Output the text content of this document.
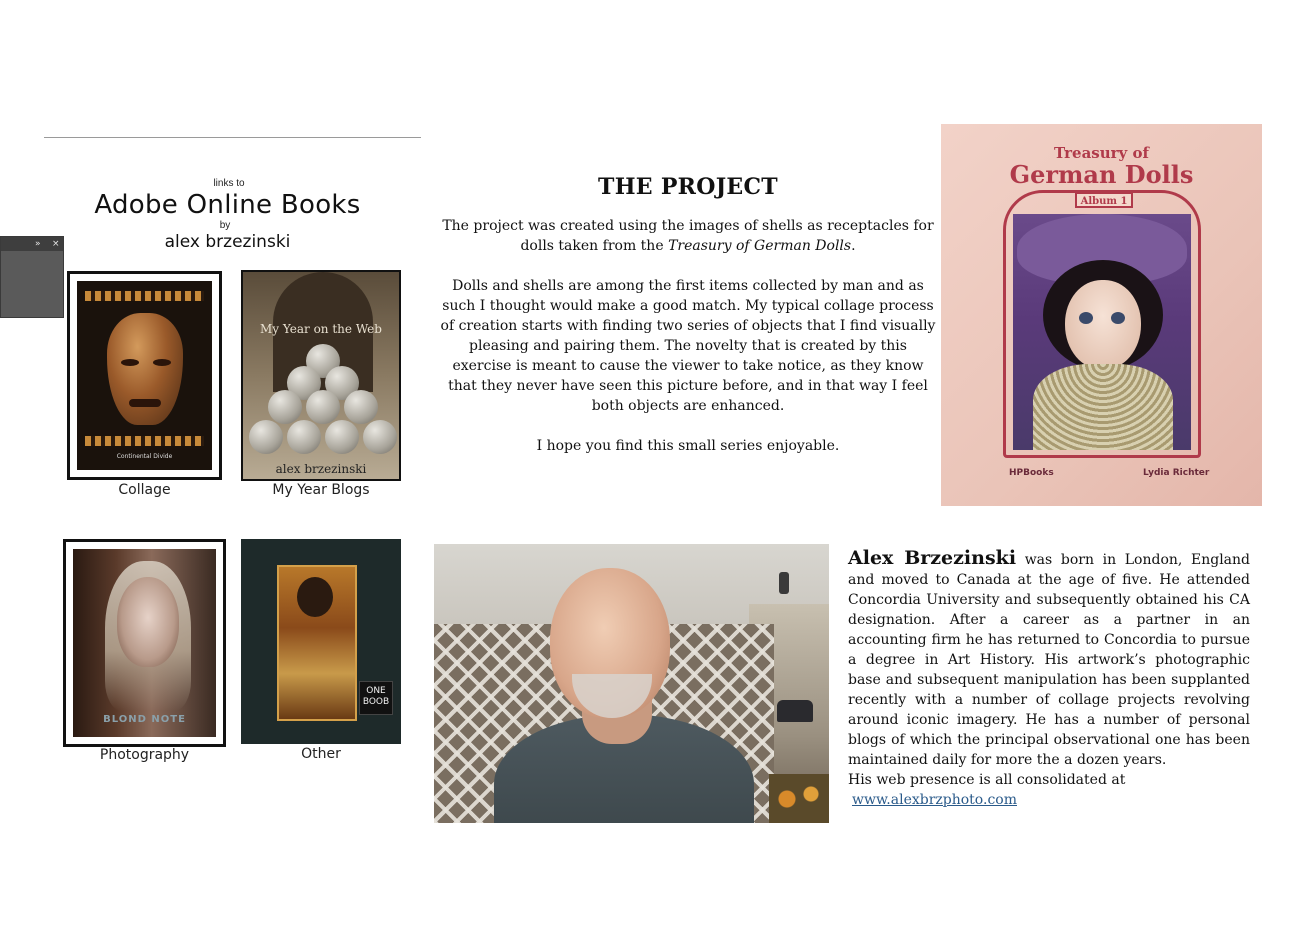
links to
Adobe Online Books
by
alex brzezinski
» ×
Continental Divide
Collage
My Year on the Web
alex brzezinski
My Year Blogs
BLOND NOTE
Photography
ONE BOOB
Other
THE PROJECT

The project was created using the images of shells as receptacles for dolls taken from the Treasury of German Dolls.

Dolls and shells are among the first items collected by man and as such I thought would make a good match. My typical collage process of creation starts with finding two series of objects that I find visually pleasing and pairing them. The novelty that is created by this exercise is meant to cause the viewer to take notice, as they know that they never have seen this picture before, and in that way I feel both objects are enhanced.

I hope you find this small series enjoyable.

Treasury of
German Dolls
Album 1
HPBooks	Lydia Richter
Alex Brzezinski was born in London, England and moved to Canada at the age of five. He attended Concordia University and subsequently obtained his CA designation. After a career as a partner in an accounting firm he has returned to Concordia to pursue a degree in Art History. His artwork’s photographic base and subsequent manipulation has been supplanted recently with a number of collage projects revolving around iconic imagery. He has a number of personal blogs of which the principal observational one has been maintained daily for more the a dozen years.
His web presence is all consolidated at
www.alexbrzphoto.com
